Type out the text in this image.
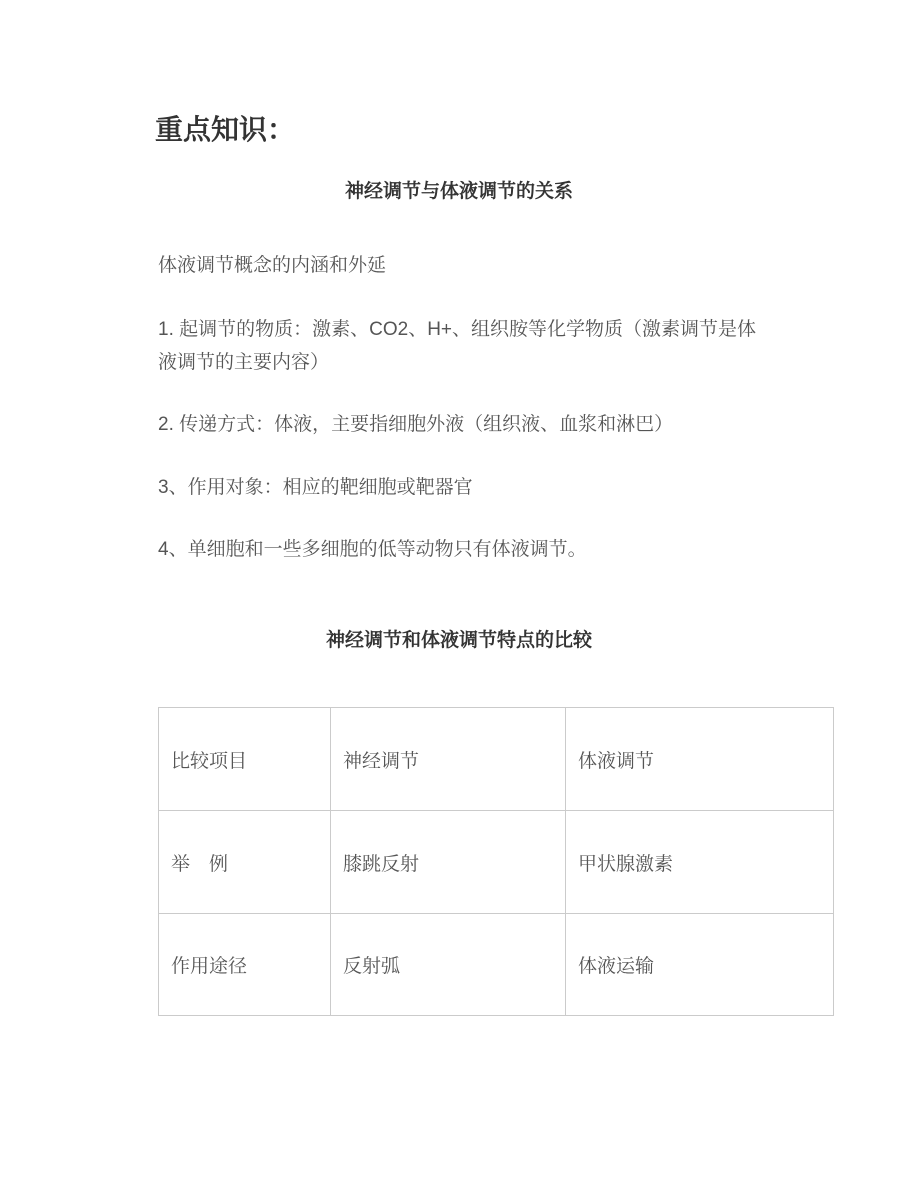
重点知识：
神经调节与体液调节的关系
体液调节概念的内涵和外延
1. 起调节的物质：激素、CO2、H+、组织胺等化学物质（激素调节是体
液调节的主要内容）
2. 传递方式：体液，主要指细胞外液（组织液、血浆和淋巴）
3、作用对象：相应的靶细胞或靶器官
4、单细胞和一些多细胞的低等动物只有体液调节。
神经调节和体液调节特点的比较
比较项目	神经调节	体液调节
举　例	膝跳反射	甲状腺激素
作用途径	反射弧	体液运输
